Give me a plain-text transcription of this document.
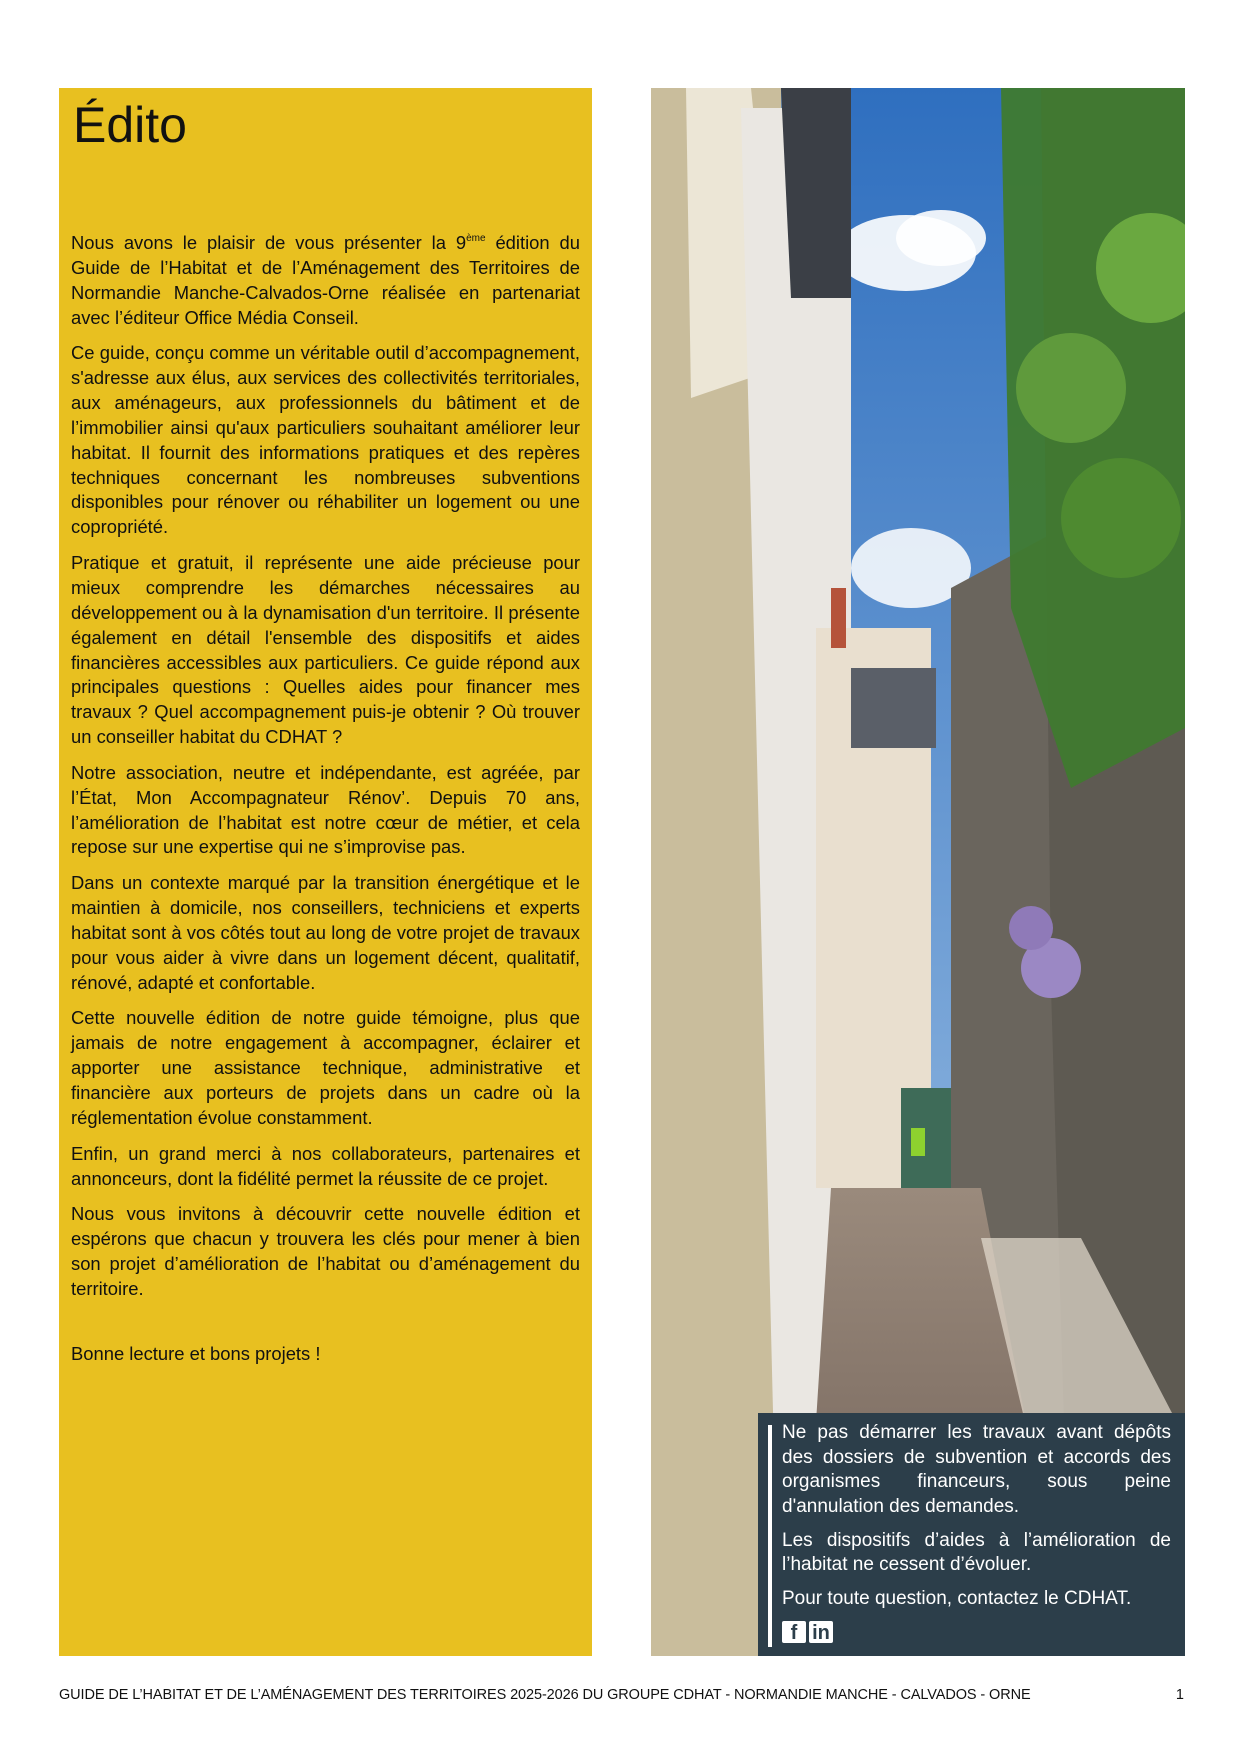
Édito

Nous avons le plaisir de vous présenter la 9ème édition du Guide de l’Habitat et de l’Aménagement des Territoires de Normandie Manche-Calvados-Orne réalisée en partenariat avec l’éditeur Office Média Conseil.

Ce guide, conçu comme un véritable outil d’accompagnement, s'adresse aux élus, aux services des collectivités territoriales, aux aménageurs, aux professionnels du bâtiment et de l’immobilier ainsi qu'aux particuliers souhaitant améliorer leur habitat. Il fournit des informations pratiques et des repères techniques concernant les nombreuses subventions disponibles pour rénover ou réhabiliter un logement ou une copropriété.

Pratique et gratuit, il représente une aide précieuse pour mieux comprendre les démarches nécessaires au développement ou à la dynamisation d'un territoire. Il présente également en détail l'ensemble des dispositifs et aides financières accessibles aux particuliers. Ce guide répond aux principales questions : Quelles aides pour financer mes travaux ? Quel accompagnement puis-je obtenir ? Où trouver un conseiller habitat du CDHAT ?

Notre association, neutre et indépendante, est agréée, par l’État, Mon Accompagnateur Rénov’. Depuis 70 ans, l’amélioration de l’habitat est notre cœur de métier, et cela repose sur une expertise qui ne s’improvise pas.

Dans un contexte marqué par la transition énergétique et le maintien à domicile, nos conseillers, techniciens et experts habitat sont à vos côtés tout au long de votre projet de travaux pour vous aider à vivre dans un logement décent, qualitatif, rénové, adapté et confortable.

Cette nouvelle édition de notre guide témoigne, plus que jamais de notre engagement à accompagner, éclairer et apporter une assistance technique, administrative et financière aux porteurs de projets dans un cadre où la réglementation évolue constamment.

Enfin, un grand merci à nos collaborateurs, partenaires et annonceurs, dont la fidélité permet la réussite de ce projet.

Nous vous invitons à découvrir cette nouvelle édition et espérons que chacun y trouvera les clés pour mener à bien son projet d’amélioration de l’habitat ou d’aménagement du territoire.

Bonne lecture et bons projets !

Ne pas démarrer les travaux avant dépôts des dossiers de subvention et accords des organismes financeurs, sous peine d'annulation des demandes.

Les dispositifs d’aides à l’amélioration de l’habitat ne cessent d’évoluer.

Pour toute question, contactez le CDHAT.

f in
GUIDE DE L’HABITAT ET DE L’AMÉNAGEMENT DES TERRITOIRES 2025-2026 DU GROUPE CDHAT - NORMANDIE MANCHE - CALVADOS - ORNE	1
